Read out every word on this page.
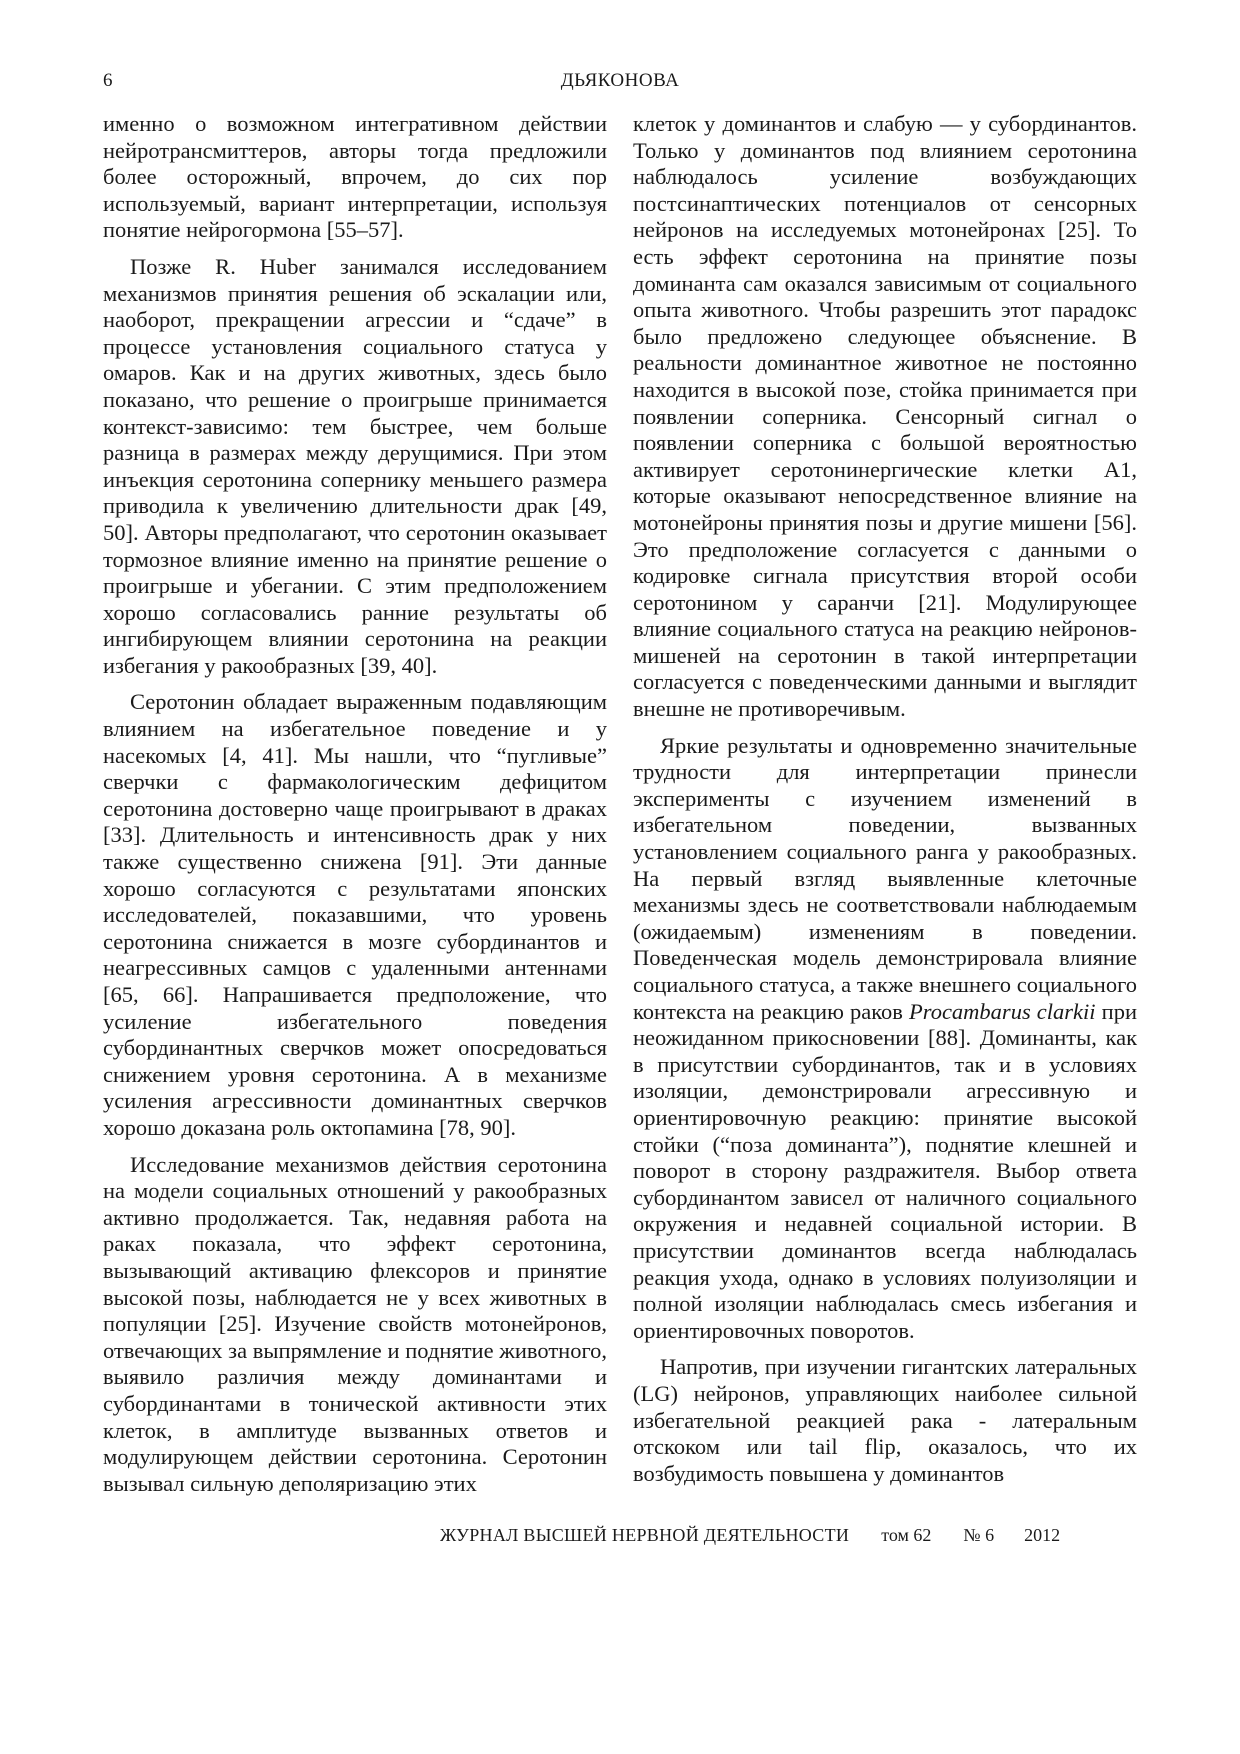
6	ДЬЯКОНОВА

именно о возможном интегративном действии нейротрансмиттеров, авторы тогда предложили более осторожный, впрочем, до сих пор используемый, вариант интерпретации, используя понятие нейрогормона [55–57].

Позже R. Huber занимался исследованием механизмов принятия решения об эскалации или, наоборот, прекращении агрессии и “сдаче” в процессе установления социального статуса у омаров. Как и на других животных, здесь было показано, что решение о проигрыше принимается контекст-зависимо: тем быстрее, чем больше разница в размерах между дерущимися. При этом инъекция серотонина сопернику меньшего размера приводила к увеличению длительности драк [49, 50]. Авторы предполагают, что серотонин оказывает тормозное влияние именно на принятие решение о проигрыше и убегании. С этим предположением хорошо согласовались ранние результаты об ингибирующем влиянии серотонина на реакции избегания у ракообразных [39, 40].

Серотонин обладает выраженным подавляющим влиянием на избегательное поведение и у насекомых [4, 41]. Мы нашли, что “пугливые” сверчки с фармакологическим дефицитом серотонина достоверно чаще проигрывают в драках [33]. Длительность и интенсивность драк у них также существенно снижена [91]. Эти данные хорошо согласуются с результатами японских исследователей, показавшими, что уровень серотонина снижается в мозге субординантов и неагрессивных самцов с удаленными антеннами [65, 66]. Напрашивается предположение, что усиление избегательного поведения субординантных сверчков может опосредоваться снижением уровня серотонина. А в механизме усиления агрессивности доминантных сверчков хорошо доказана роль октопамина [78, 90].

Исследование механизмов действия серотонина на модели социальных отношений у ракообразных активно продолжается. Так, недавняя работа на раках показала, что эффект серотонина, вызывающий активацию флексоров и принятие высокой позы, наблюдается не у всех животных в популяции [25]. Изучение свойств мотонейронов, отвечающих за выпрямление и поднятие животного, выявило различия между доминантами и субординантами в тонической активности этих клеток, в амплитуде вызванных ответов и модулирующем действии серотонина. Серотонин вызывал сильную деполяризацию этих

клеток у доминантов и слабую — у субординантов. Только у доминантов под влиянием серотонина наблюдалось усиление возбуждающих постсинаптических потенциалов от сенсорных нейронов на исследуемых мотонейронах [25]. То есть эффект серотонина на принятие позы доминанта сам оказался зависимым от социального опыта животного. Чтобы разрешить этот парадокс было предложено следующее объяснение. В реальности доминантное животное не постоянно находится в высокой позе, стойка принимается при появлении соперника. Сенсорный сигнал о появлении соперника с большой вероятностью активирует серотонинергические клетки A1, которые оказывают непосредственное влияние на мотонейроны принятия позы и другие мишени [56]. Это предположение согласуется с данными о кодировке сигнала присутствия второй особи серотонином у саранчи [21]. Модулирующее влияние социального статуса на реакцию нейронов-мишеней на серотонин в такой интерпретации согласуется с поведенческими данными и выглядит внешне не противоречивым.

Яркие результаты и одновременно значительные трудности для интерпретации принесли эксперименты с изучением изменений в избегательном поведении, вызванных установлением социального ранга у ракообразных. На первый взгляд выявленные клеточные механизмы здесь не соответствовали наблюдаемым (ожидаемым) изменениям в поведении. Поведенческая модель демонстрировала влияние социального статуса, а также внешнего социального контекста на реакцию раков Procambarus clarkii при неожиданном прикосновении [88]. Доминанты, как в присутствии субординантов, так и в условиях изоляции, демонстрировали агрессивную и ориентировочную реакцию: принятие высокой стойки (“поза доминанта”), поднятие клешней и поворот в сторону раздражителя. Выбор ответа субординантом зависел от наличного социального окружения и недавней социальной истории. В присутствии доминантов всегда наблюдалась реакция ухода, однако в условиях полуизоляции и полной изоляции наблюдалась смесь избегания и ориентировочных поворотов.

Напротив, при изучении гигантских латеральных (LG) нейронов, управляющих наиболее сильной избегательной реакцией рака - латеральным отскоком или tail flip, оказалось, что их возбудимость повышена у доминантов

ЖУРНАЛ ВЫСШЕЙ НЕРВНОЙ ДЕЯТЕЛЬНОСТИ том 62 № 6 2012
